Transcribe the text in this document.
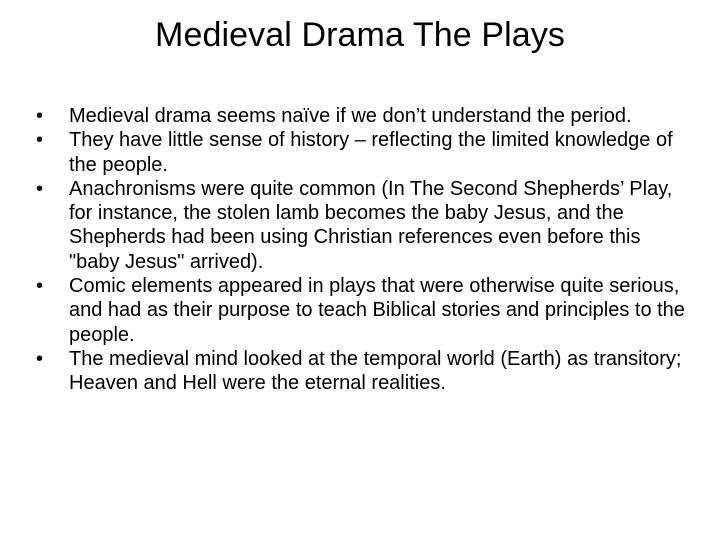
Medieval Drama The Plays
•	Medieval drama seems naïve if we don’t understand the period.
•	They have little sense of history – reflecting the limited knowledge of the people.
•	Anachronisms were quite common (In The Second Shepherds’ Play, for instance, the stolen lamb becomes the baby Jesus, and the Shepherds had been using Christian references even before this "baby Jesus" arrived).
•	Comic elements appeared in plays that were otherwise quite serious, and had as their purpose to teach Biblical stories and principles to the people.
•	The medieval mind looked at the temporal world (Earth) as transitory; Heaven and Hell were the eternal realities.
